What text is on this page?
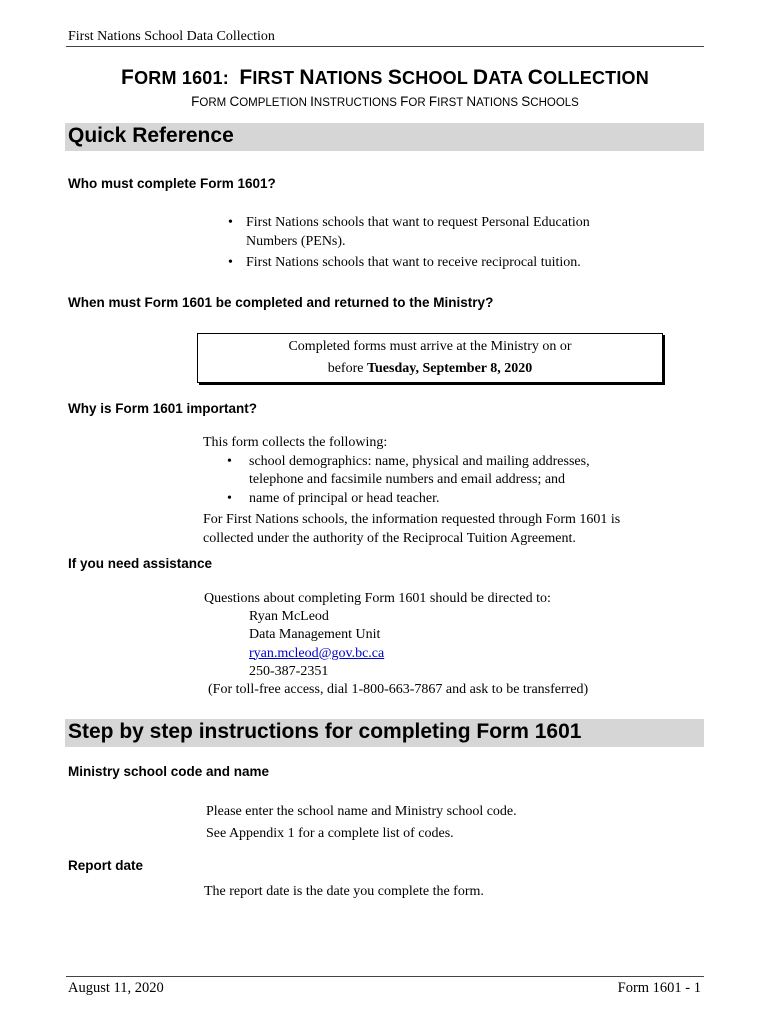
First Nations School Data Collection
FORM 1601: FIRST NATIONS SCHOOL DATA COLLECTION
FORM COMPLETION INSTRUCTIONS FOR FIRST NATIONS SCHOOLS
Quick Reference
Who must complete Form 1601?
• First Nations schools that want to request Personal Education Numbers (PENs).
• First Nations schools that want to receive reciprocal tuition.
When must Form 1601 be completed and returned to the Ministry?
Completed forms must arrive at the Ministry on or
before Tuesday, September 8, 2020
Why is Form 1601 important?
This form collects the following:
• school demographics: name, physical and mailing addresses, telephone and facsimile numbers and email address; and
• name of principal or head teacher.
For First Nations schools, the information requested through Form 1601 is collected under the authority of the Reciprocal Tuition Agreement.
If you need assistance
Questions about completing Form 1601 should be directed to:
Ryan McLeod
Data Management Unit
ryan.mcleod@gov.bc.ca
250-387-2351
(For toll-free access, dial 1-800-663-7867 and ask to be transferred)
Step by step instructions for completing Form 1601
Ministry school code and name
Please enter the school name and Ministry school code.
See Appendix 1 for a complete list of codes.
Report date
The report date is the date you complete the form.
August 11, 2020	Form 1601 - 1
